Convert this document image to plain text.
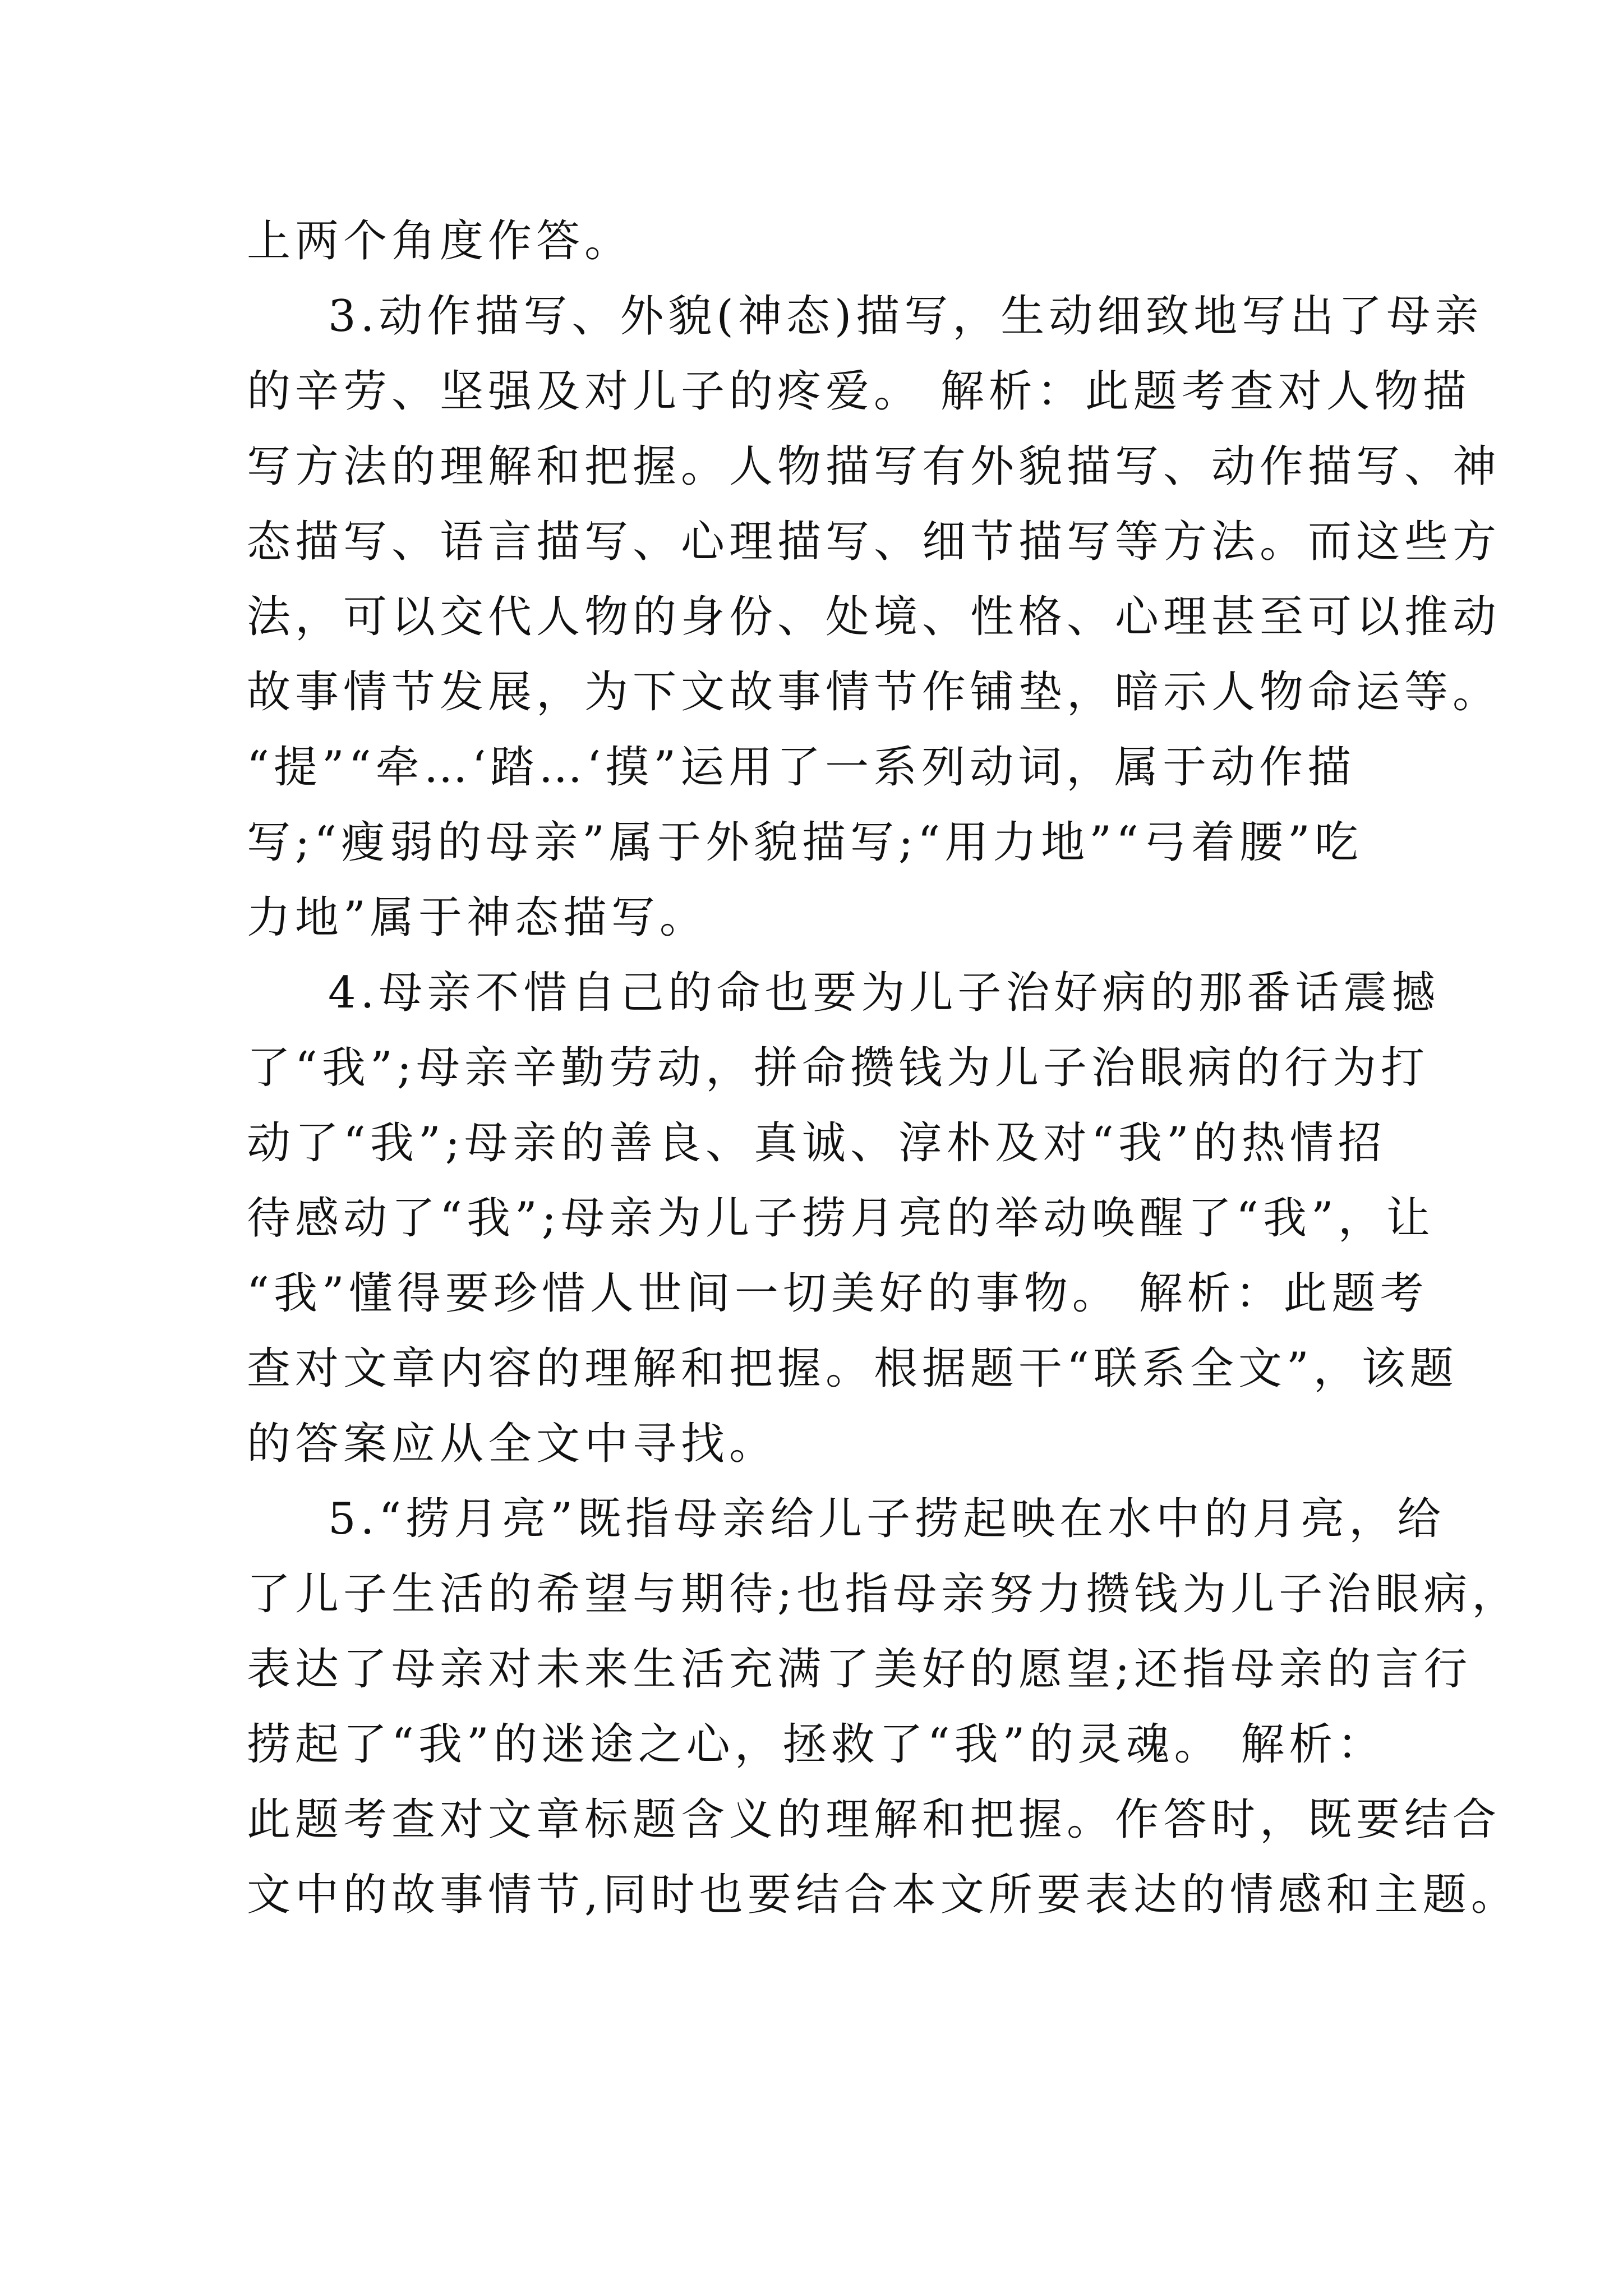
上两个角度作答。
3.动作描写、外貌(神态)描写，生动细致地写出了母亲
的辛劳、坚强及对儿子的疼爱。 解析：此题考查对人物描
写方法的理解和把握。人物描写有外貌描写、动作描写、神
态描写、语言描写、心理描写、细节描写等方法。而这些方
法，可以交代人物的身份、处境、性格、心理甚至可以推动
故事情节发展，为下文故事情节作铺垫，暗示人物命运等。
“提”“牵…‘踏…‘摸”运用了一系列动词，属于动作描
写;“瘦弱的母亲”属于外貌描写;“用力地”“弓着腰”吃
力地”属于神态描写。
4.母亲不惜自己的命也要为儿子治好病的那番话震撼
了“我”;母亲辛勤劳动，拼命攒钱为儿子治眼病的行为打
动了“我”;母亲的善良、真诚、淳朴及对“我”的热情招
待感动了“我”;母亲为儿子捞月亮的举动唤醒了“我”，让
“我”懂得要珍惜人世间一切美好的事物。 解析：此题考
查对文章内容的理解和把握。根据题干“联系全文”，该题
的答案应从全文中寻找。
5.“捞月亮”既指母亲给儿子捞起映在水中的月亮，给
了儿子生活的希望与期待;也指母亲努力攒钱为儿子治眼病，
表达了母亲对未来生活充满了美好的愿望;还指母亲的言行
捞起了“我”的迷途之心，拯救了“我”的灵魂。 解析：
此题考查对文章标题含义的理解和把握。作答时，既要结合
文中的故事情节,同时也要结合本文所要表达的情感和主题。
